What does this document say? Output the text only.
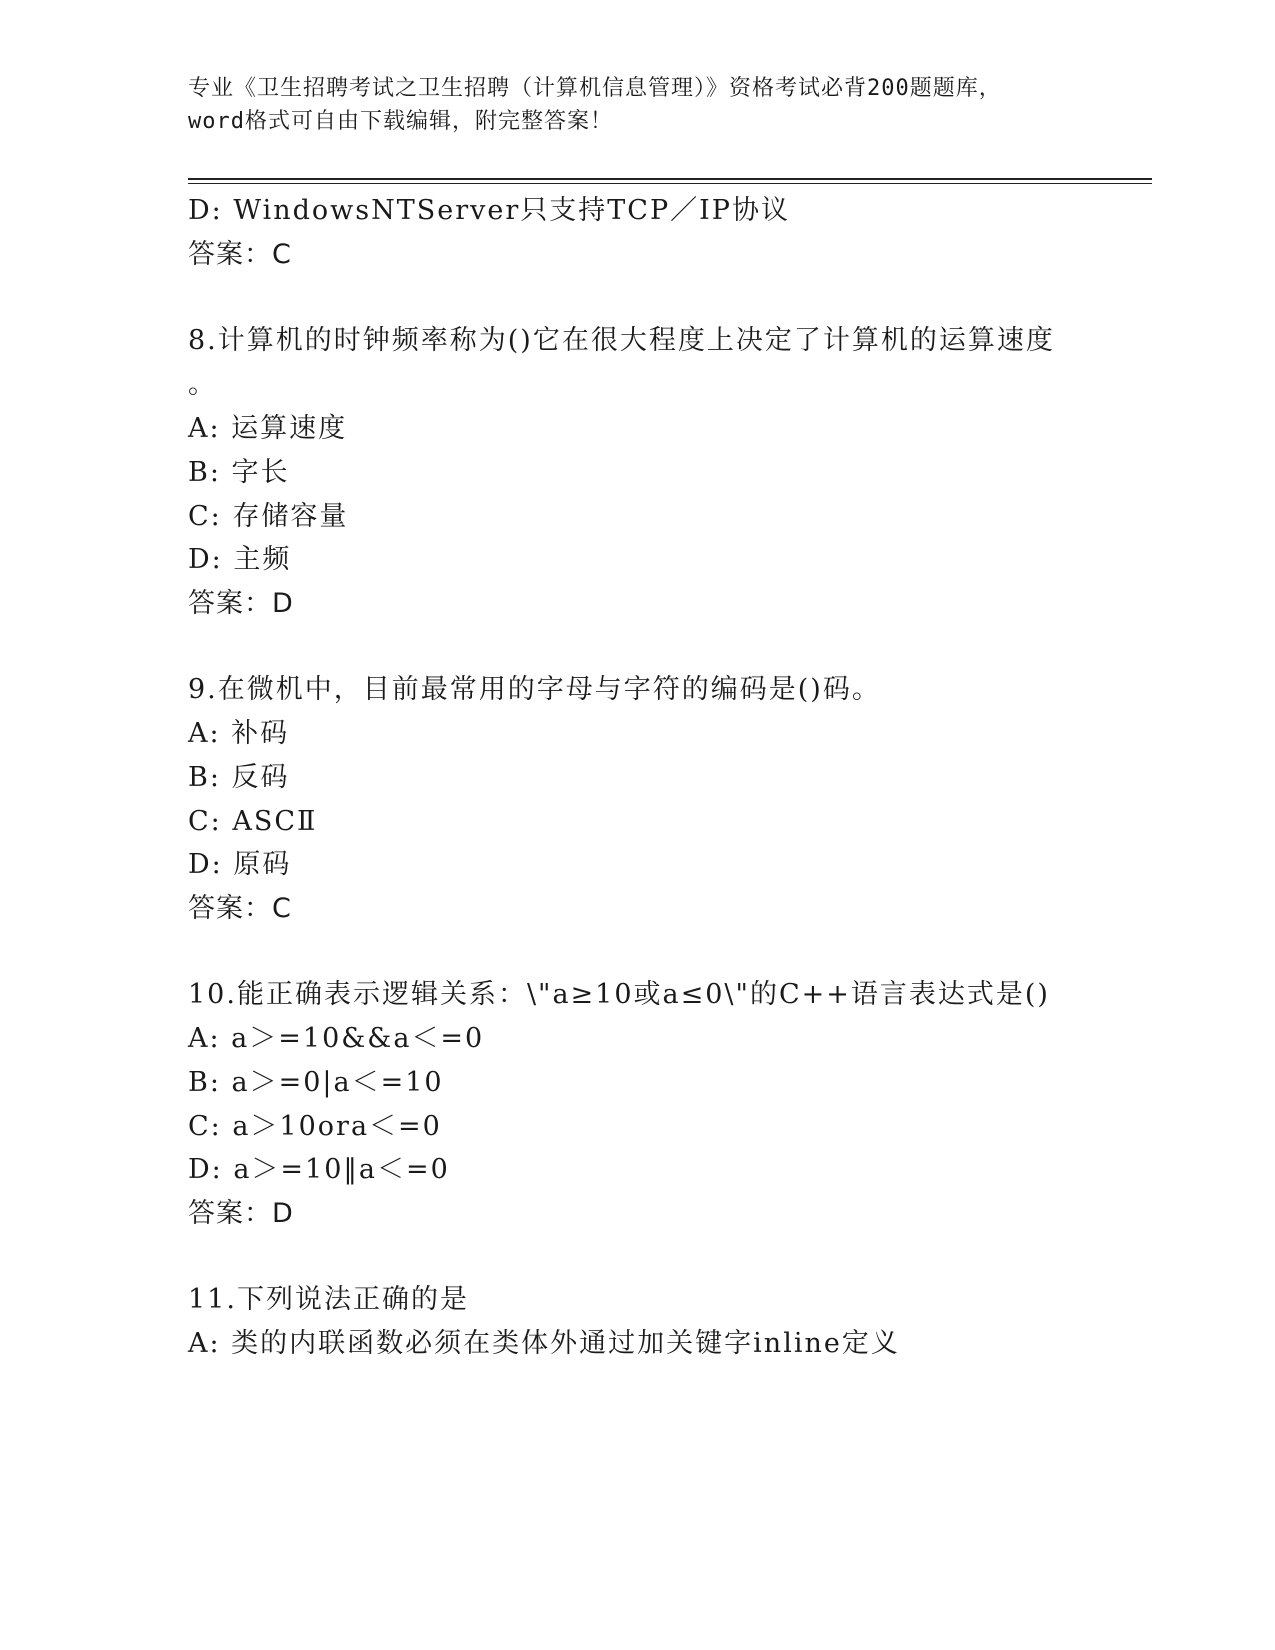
专业《卫生招聘考试之卫生招聘（计算机信息管理）》资格考试必背200题题库，
word格式可自由下载编辑，附完整答案！
D: WindowsNTServer只支持TCP／IP协议
答案：C
8.计算机的时钟频率称为()它在很大程度上决定了计算机的运算速度
。
A: 运算速度
B: 字长
C: 存储容量
D: 主频
答案：D
9.在微机中，目前最常用的字母与字符的编码是()码。
A: 补码
B: 反码
C: ASCⅡ
D: 原码
答案：C
10.能正确表示逻辑关系：\"a≥10或a≤0\"的C++语言表达式是()
A: a＞=10&&a＜=0
B: a＞=0|a＜=10
C: a＞10ora＜=0
D: a＞=10‖a＜=0
答案：D
11.下列说法正确的是
A: 类的内联函数必须在类体外通过加关键字inline定义
